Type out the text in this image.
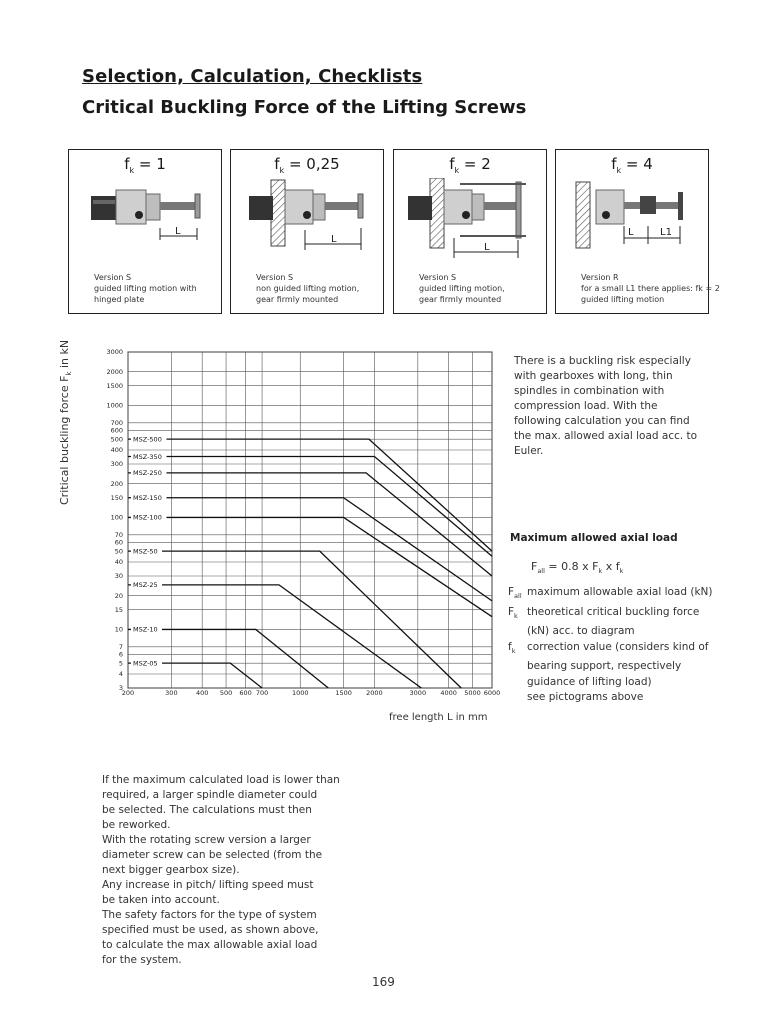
Selection, Calculation, Checklists
Critical Buckling Force of the Lifting Screws
$f_k = 1$
L
Version S
guided lifting motion with
hinged plate
$f_k = 0,25$
L
Version S
non guided lifting motion,
gear firmly mounted
$f_k = 2$
L
Version S
guided lifting motion,
gear firmly mounted
$f_k = 4$
L	L1
Version R
for a small L1 there applies: fk = 2
guided lifting motion
Critical buckling force $F_k$ in kN
MSZ-500
MSZ-350
MSZ-250
MSZ-150
MSZ-100
MSZ-50
MSZ-25
MSZ-10
MSZ-05
200	300	400 500 600 700	1000	1500 2000	3000 4000 5000 6000
3
4
5
6
7
10
15
20
30
40
50
60
70
100
150
200
300
400
500
600
700
1000
1500
2000
3000
free length L in mm
There is a buckling risk especially with gearboxes with long, thin spindles in combination with compression load. With the following calculation you can find the max. allowed axial load acc. to Euler.
Maximum allowed axial load
$F_{all} = 0.8$ x $F_k$ x $f_k$
$F_{all}$ maximum allowable axial load (kN)
$F_k$ theoretical critical buckling force
(kN) acc. to diagram
$f_k$	correction value (considers kind of
bearing support, respectively
guidance of lifting load)
see pictograms above
If the maximum calculated load is lower than
required, a larger spindle diameter could
be selected. The calculations must then
be reworked.
With the rotating screw version a larger
diameter screw can be selected (from the
next bigger gearbox size).
Any increase in pitch/ lifting speed must
be taken into account.
The safety factors for the type of system
specified must be used, as shown above,
to calculate the max allowable axial load
for the system.
169
